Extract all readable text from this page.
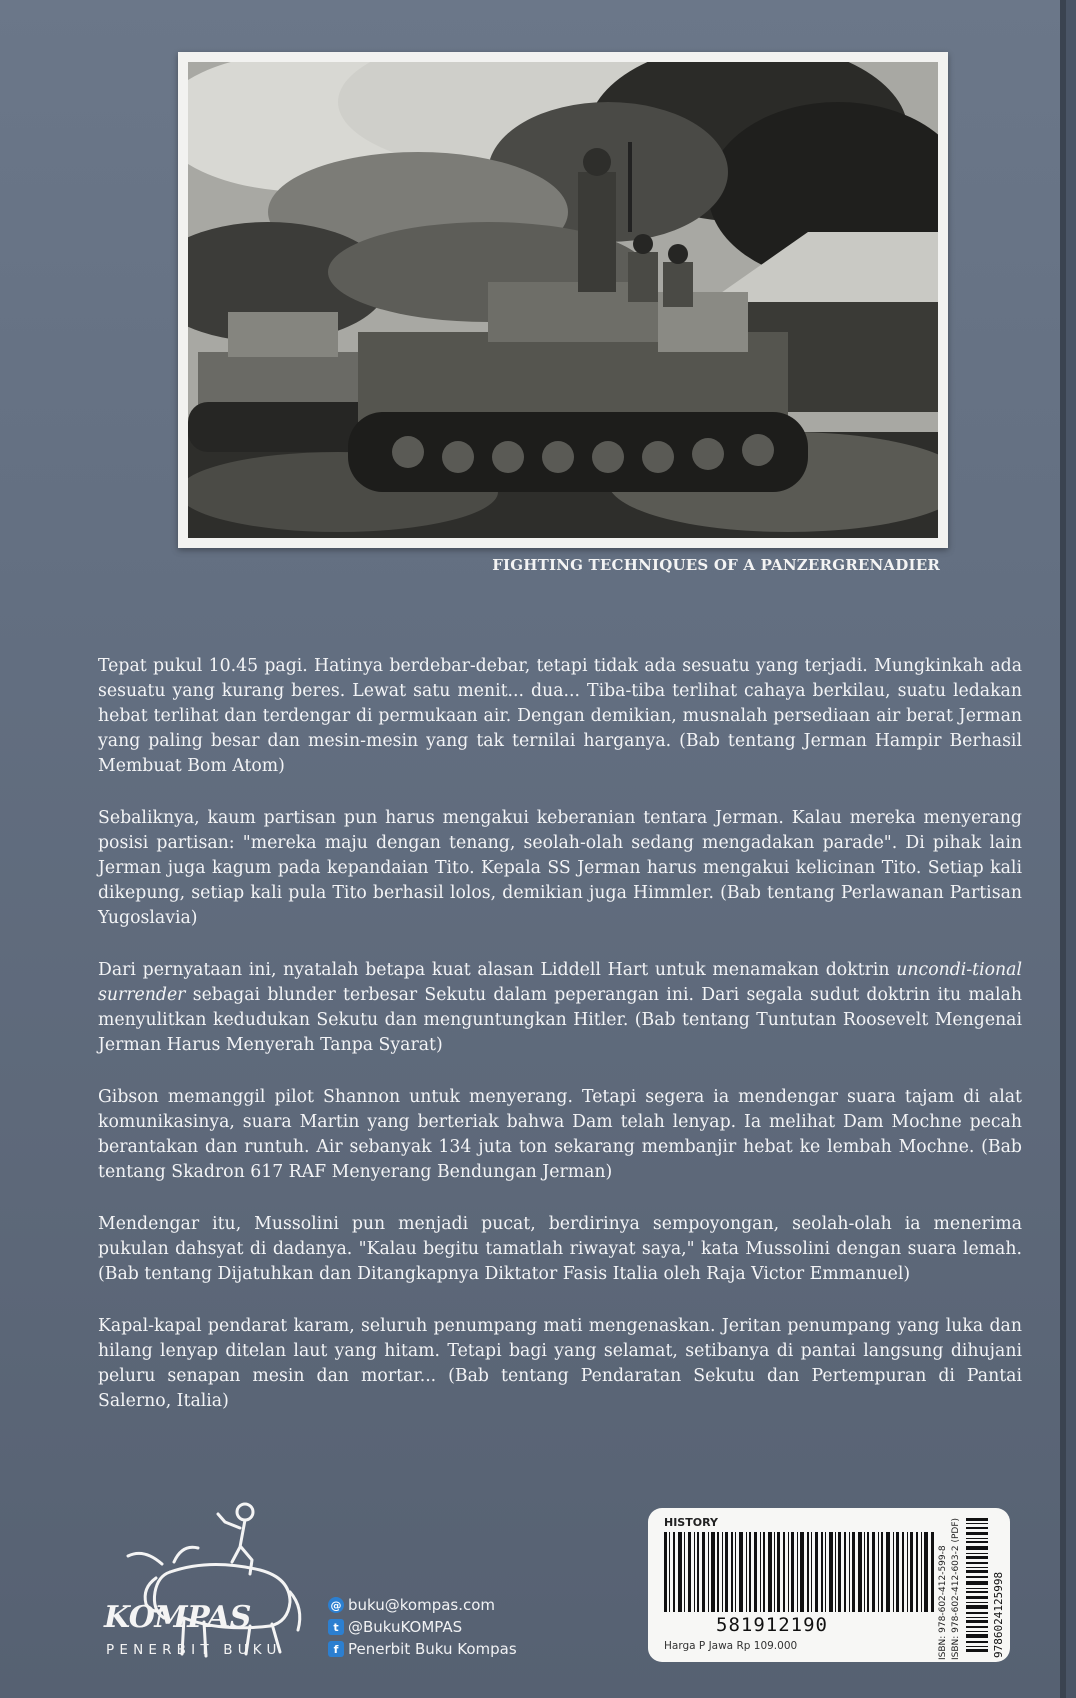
FIGHTING TECHNIQUES OF A PANZERGRENADIER

Tepat pukul 10.45 pagi. Hatinya berdebar-debar, tetapi tidak ada sesuatu yang terjadi. Mungkinkah ada sesuatu yang kurang beres. Lewat satu menit... dua... Tiba-tiba terlihat cahaya berkilau, suatu ledakan hebat terlihat dan terdengar di permukaan air. Dengan demikian, musnalah persediaan air berat Jerman yang paling besar dan mesin-mesin yang tak ternilai harganya. (Bab tentang Jerman Hampir Berhasil Membuat Bom Atom)

Sebaliknya, kaum partisan pun harus mengakui keberanian tentara Jerman. Kalau mereka menyerang posisi partisan: "mereka maju dengan tenang, seolah-olah sedang mengadakan parade". Di pihak lain Jerman juga kagum pada kepandaian Tito. Kepala SS Jerman harus mengakui kelicinan Tito. Setiap kali dikepung, setiap kali pula Tito berhasil lolos, demikian juga Himmler. (Bab tentang Perlawanan Partisan Yugoslavia)

Dari pernyataan ini, nyatalah betapa kuat alasan Liddell Hart untuk menamakan doktrin uncondi-tional surrender sebagai blunder terbesar Sekutu dalam peperangan ini. Dari segala sudut doktrin itu malah menyulitkan kedudukan Sekutu dan menguntungkan Hitler. (Bab tentang Tuntutan Roosevelt Mengenai Jerman Harus Menyerah Tanpa Syarat)

Gibson memanggil pilot Shannon untuk menyerang. Tetapi segera ia mendengar suara tajam di alat komunikasinya, suara Martin yang berteriak bahwa Dam telah lenyap. Ia melihat Dam Mochne pecah berantakan dan runtuh. Air sebanyak 134 juta ton sekarang membanjir hebat ke lembah Mochne. (Bab tentang Skadron 617 RAF Menyerang Bendungan Jerman)

Mendengar itu, Mussolini pun menjadi pucat, berdirinya sempoyongan, seolah-olah ia menerima pukulan dahsyat di dadanya. "Kalau begitu tamatlah riwayat saya," kata Mussolini dengan suara lemah. (Bab tentang Dijatuhkan dan Ditangkapnya Diktator Fasis Italia oleh Raja Victor Emmanuel)

Kapal-kapal pendarat karam, seluruh penumpang mati mengenaskan. Jeritan penumpang yang luka dan hilang lenyap ditelan laut yang hitam. Tetapi bagi yang selamat, setibanya di pantai langsung dihujani peluru senapan mesin dan mortar... (Bab tentang Pendaratan Sekutu dan Pertempuran di Pantai Salerno, Italia)

KOMPAS
PENERBIT BUKU
@ buku@kompas.com
t @BukuKOMPAS
f Penerbit Buku Kompas
HISTORY
581912190
Harga P Jawa Rp 109.000	ISBN: 978-602-412-599-8 ISBN: 978-602-412-603-2 (PDF)	9786024125998
